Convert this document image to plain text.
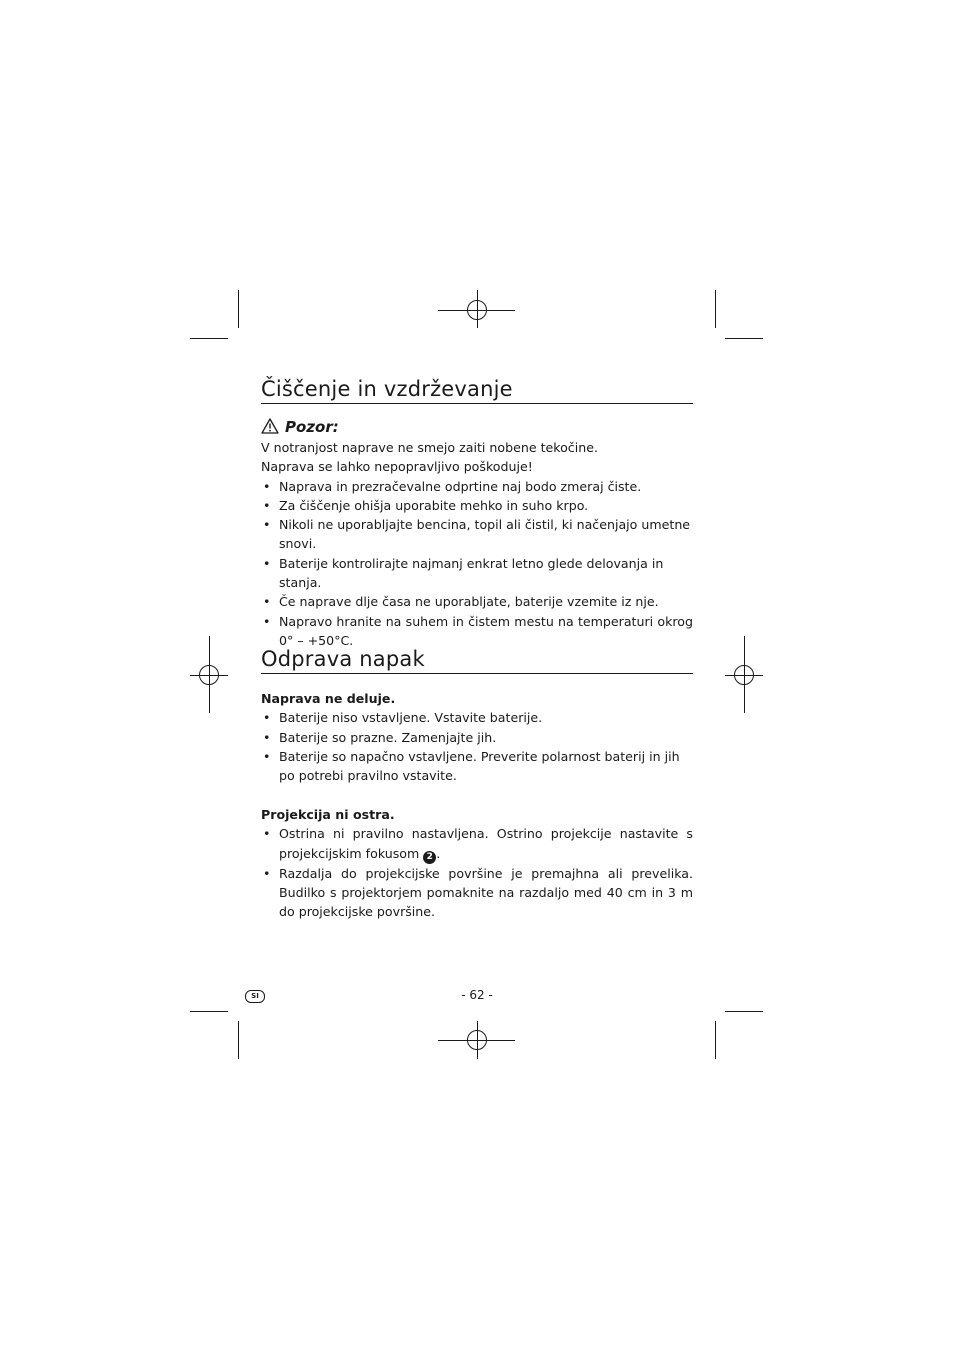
Čiščenje in vzdrževanje
Pozor:

V notranjost naprave ne smejo zaiti nobene tekočine.

Naprava se lahko nepopravljivo poškoduje!

• Naprava in prezračevalne odprtine naj bodo zmeraj čiste.
• Za čiščenje ohišja uporabite mehko in suho krpo.
• Nikoli ne uporabljajte bencina, topil ali čistil, ki načenjajo umetne snovi.
• Baterije kontrolirajte najmanj enkrat letno glede delovanja in stanja.
• Če naprave dlje časa ne uporabljate, baterije vzemite iz nje.
• Napravo hranite na suhem in čistem mestu na temperaturi okrog 0° – +50°C.
Odprava napak

Naprava ne deluje.

• Baterije niso vstavljene. Vstavite baterije.
• Baterije so prazne. Zamenjajte jih.
• Baterije so napačno vstavljene. Preverite polarnost baterij in jih po potrebi pravilno vstavite.

Projekcija ni ostra.

• Ostrina ni pravilno nastavljena. Ostrino projekcije nastavite s projekcijskim fokusom 2 .
• Razdalja do projekcijske površine je premajhna ali prevelika. Budilko s projektorjem pomaknite na razdaljo med 40 cm in 3 m do projekcijske površine.
SI	- 62 -
